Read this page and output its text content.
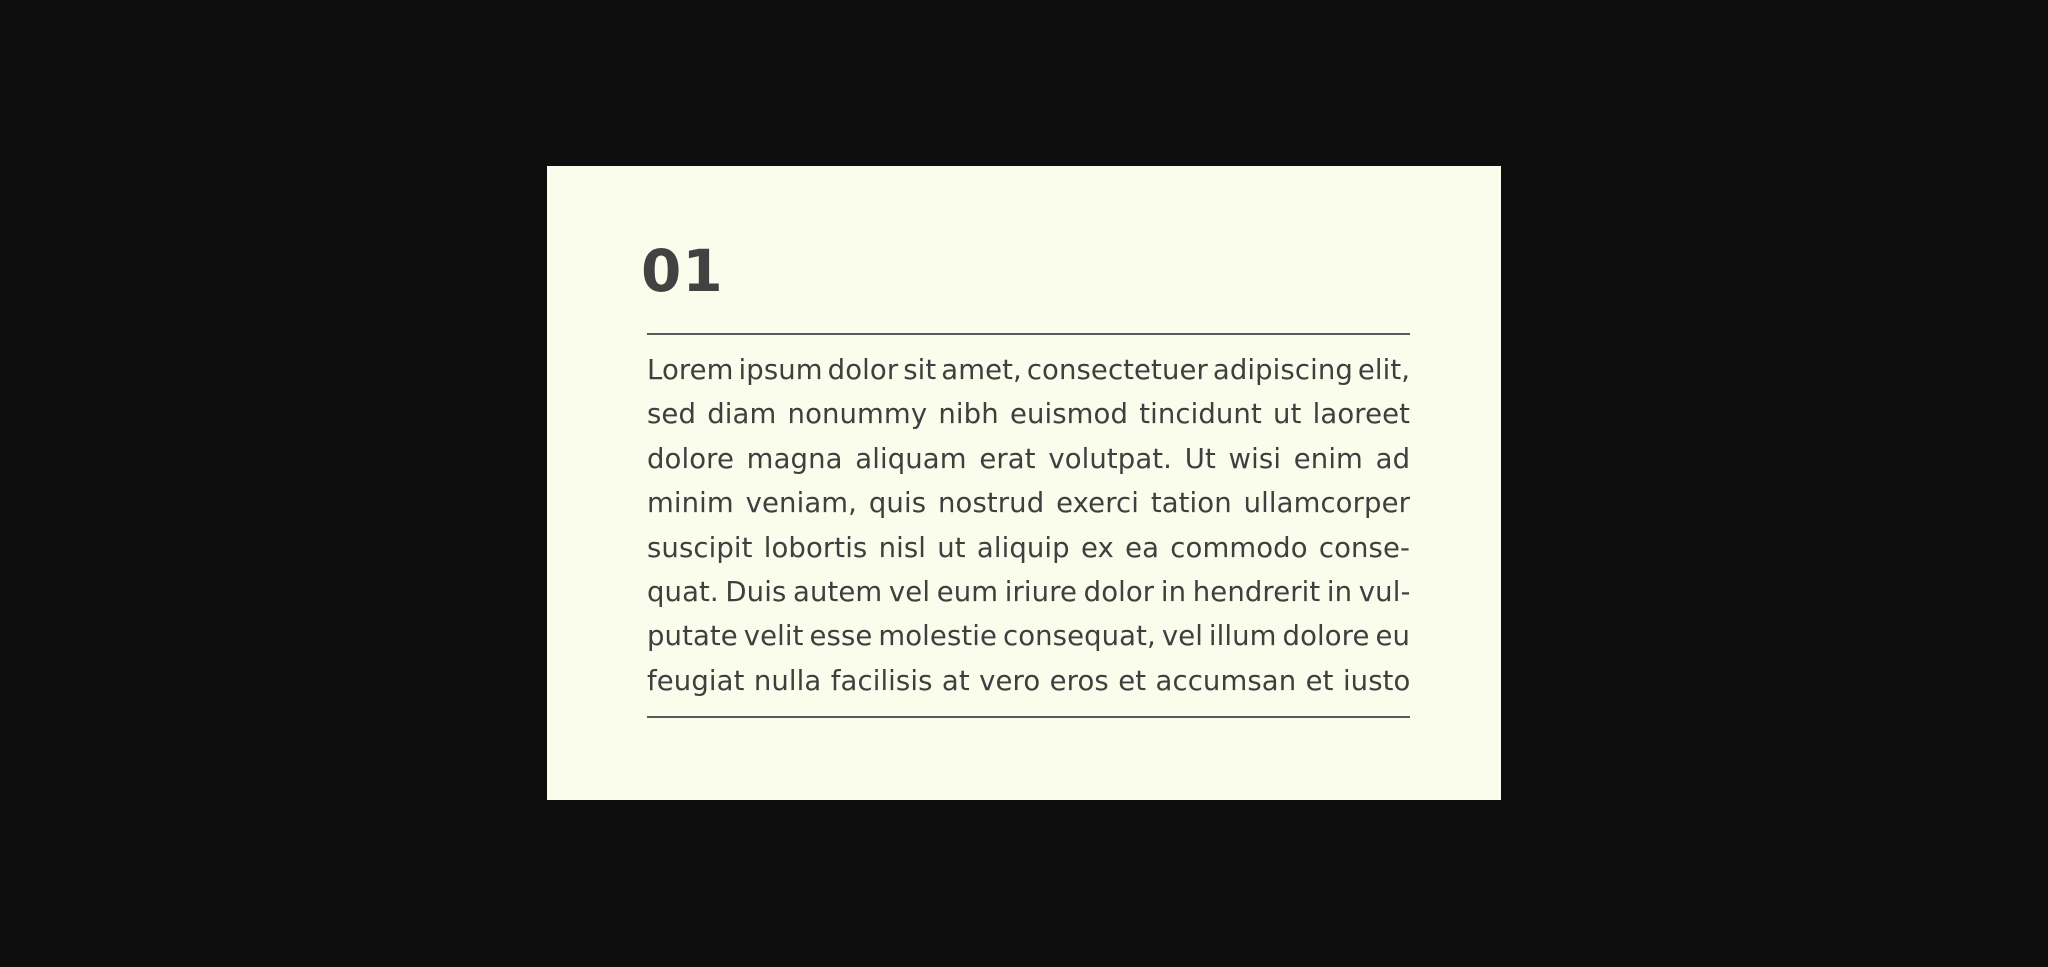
01

Lorem ipsum dolor sit amet, consectetuer adipiscing elit,
sed diam nonummy nibh euismod tincidunt ut laoreet
dolore magna aliquam erat volutpat. Ut wisi enim ad
minim veniam, quis nostrud exerci tation ullamcorper
suscipit lobortis nisl ut aliquip ex ea commodo conse-
quat. Duis autem vel eum iriure dolor in hendrerit in vul-
putate velit esse molestie consequat, vel illum dolore eu
feugiat nulla facilisis at vero eros et accumsan et iusto
